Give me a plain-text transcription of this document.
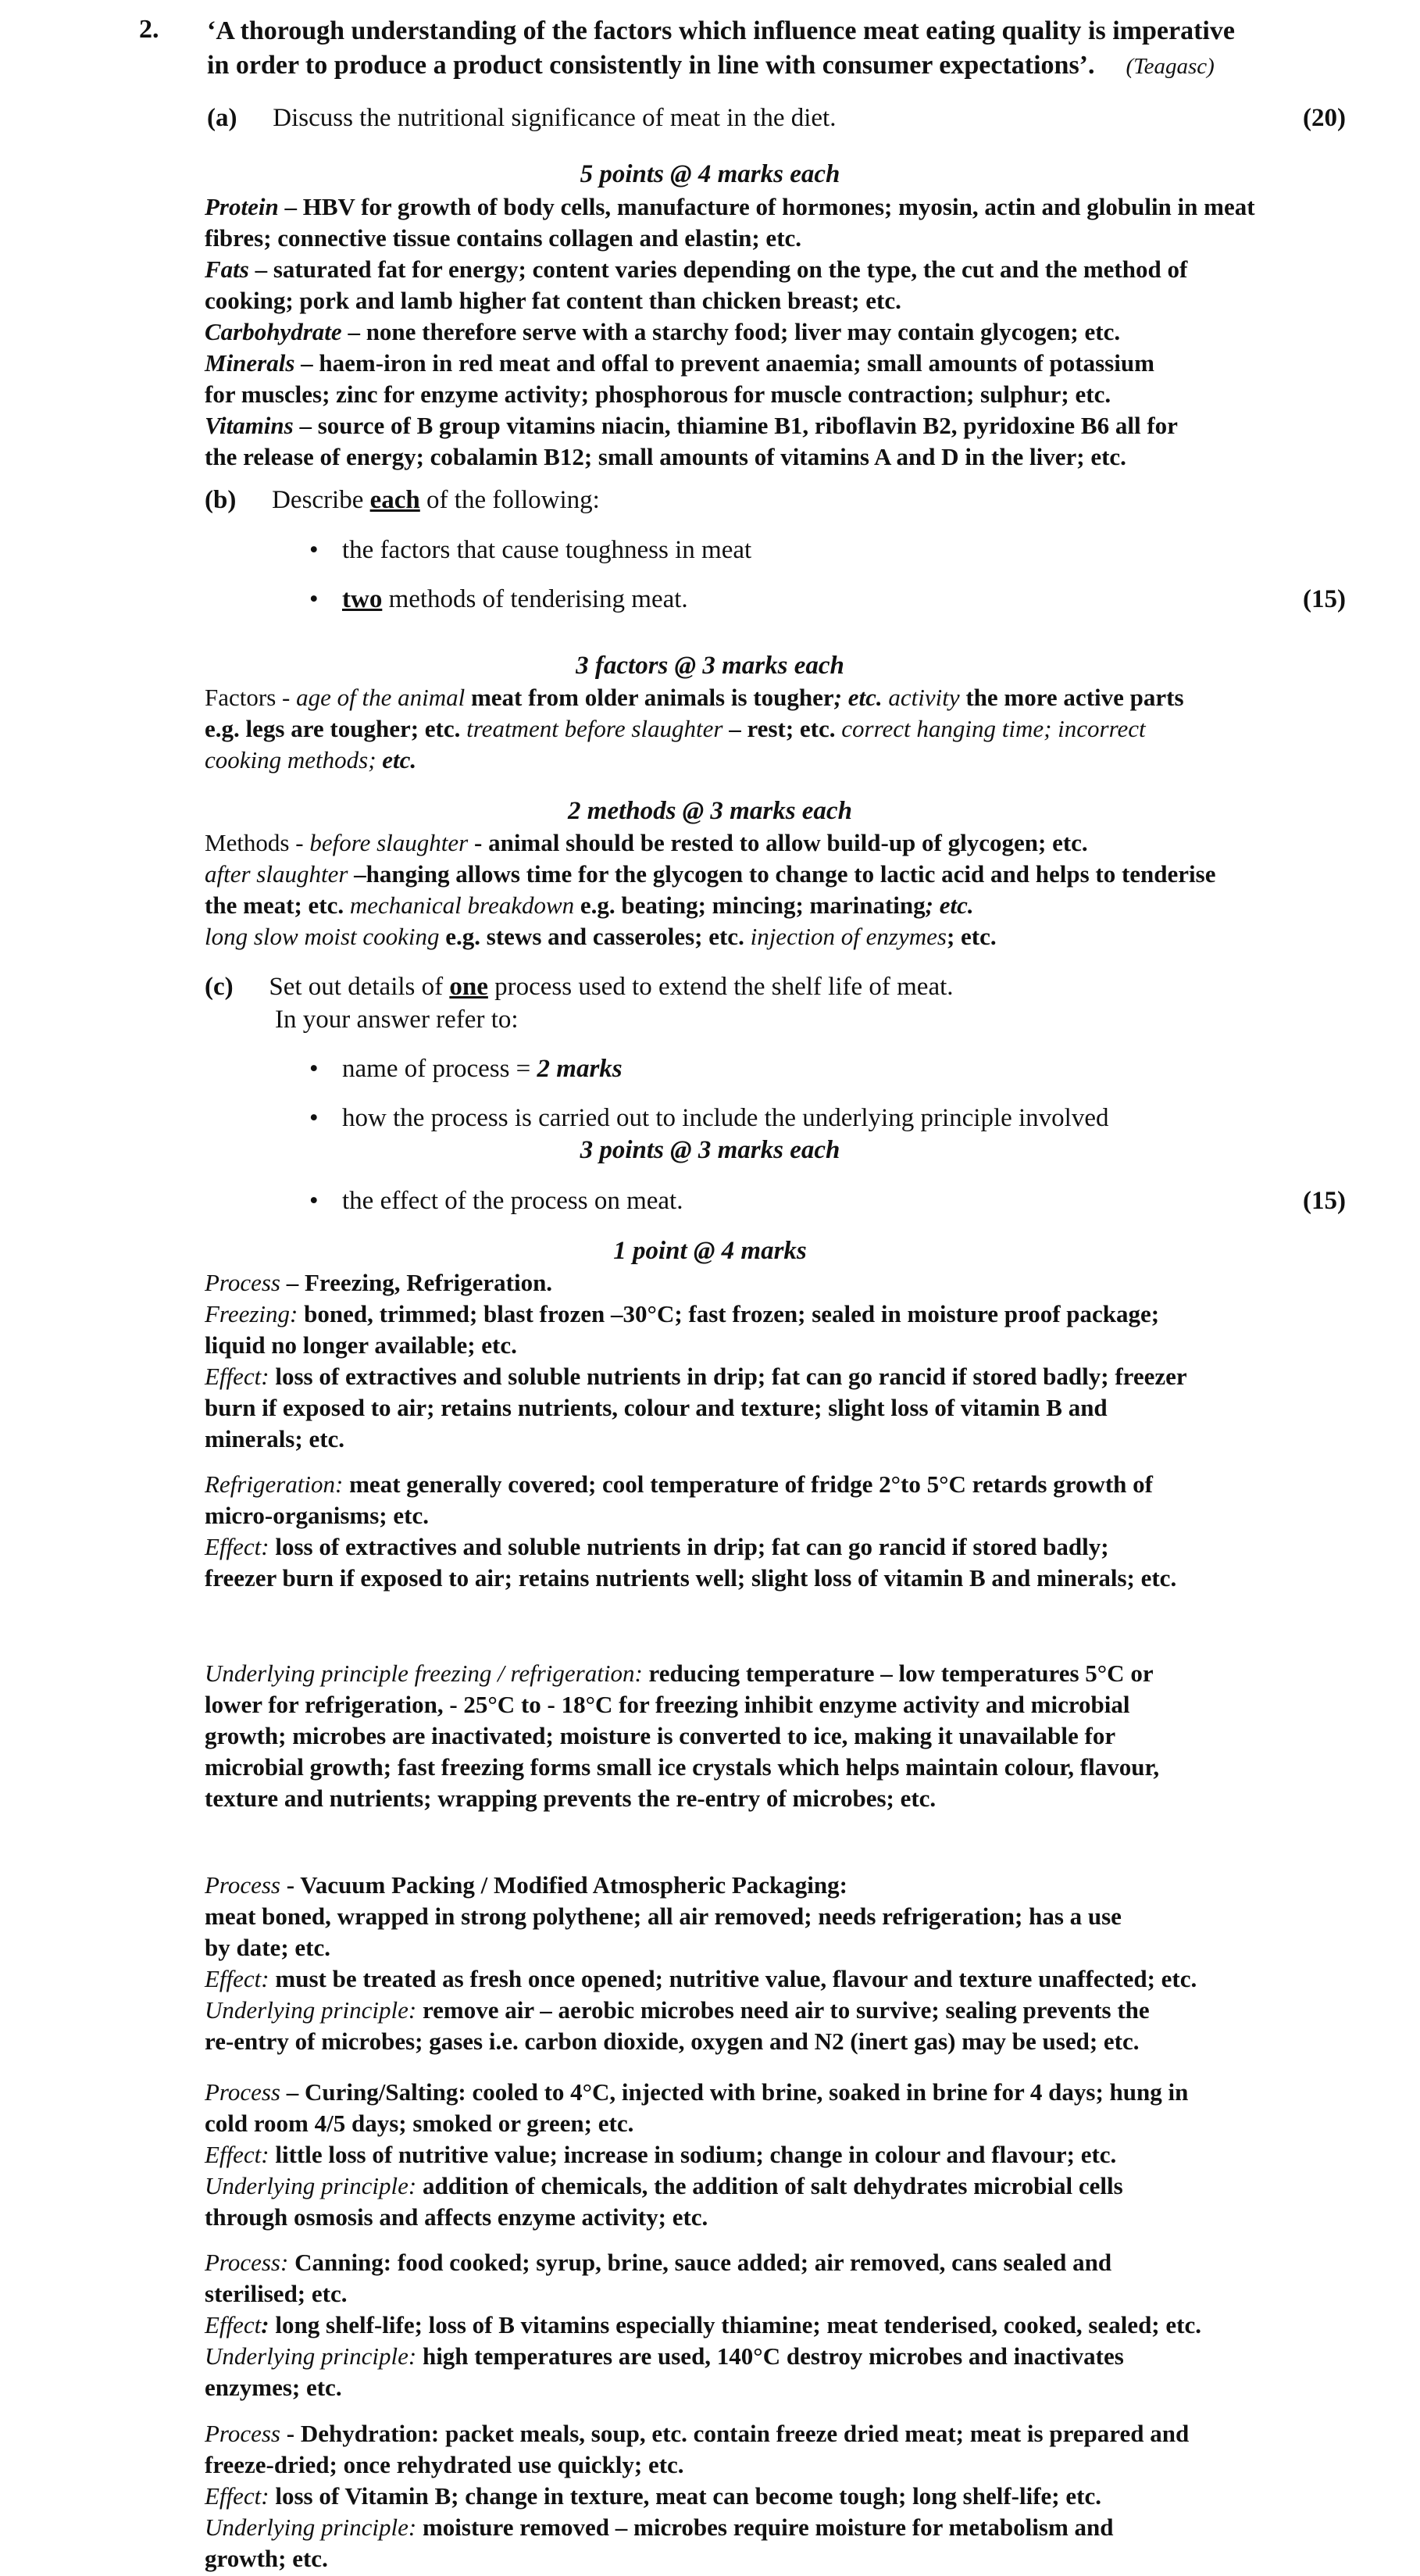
2. ‘A thorough understanding of the factors which influence meat eating quality is imperative
in order to produce a product consistently in line with consumer expectations’. (Teagasc)
(a) Discuss the nutritional significance of meat in the diet.	(20)
5 points @ 4 marks each
Protein – HBV for growth of body cells, manufacture of hormones; myosin, actin and globulin in meat
fibres; connective tissue contains collagen and elastin; etc.
Fats – saturated fat for energy; content varies depending on the type, the cut and the method of
cooking; pork and lamb higher fat content than chicken breast; etc.
Carbohydrate – none therefore serve with a starchy food; liver may contain glycogen; etc.
Minerals – haem-iron in red meat and offal to prevent anaemia; small amounts of potassium
for muscles; zinc for enzyme activity; phosphorous for muscle contraction; sulphur; etc.
Vitamins – source of B group vitamins niacin, thiamine B1, riboflavin B2, pyridoxine B6 all for
the release of energy; cobalamin B12; small amounts of vitamins A and D in the liver; etc.
(b) Describe each of the following:
• the factors that cause toughness in meat
• two methods of tenderising meat.	(15)
3 factors @ 3 marks each
Factors - age of the animal meat from older animals is tougher; etc. activity the more active parts
e.g. legs are tougher; etc. treatment before slaughter – rest; etc. correct hanging time; incorrect
cooking methods; etc.
2 methods @ 3 marks each
Methods - before slaughter - animal should be rested to allow build-up of glycogen; etc.
after slaughter –hanging allows time for the glycogen to change to lactic acid and helps to tenderise
the meat; etc. mechanical breakdown e.g. beating; mincing; marinating; etc.
long slow moist cooking e.g. stews and casseroles; etc. injection of enzymes; etc.
(c) Set out details of one process used to extend the shelf life of meat.
In your answer refer to:
• name of process = 2 marks
• how the process is carried out to include the underlying principle involved
3 points @ 3 marks each
• the effect of the process on meat.	(15)
1 point @ 4 marks
Process – Freezing, Refrigeration.
Freezing: boned, trimmed; blast frozen –30°C; fast frozen; sealed in moisture proof package;
liquid no longer available; etc.
Effect: loss of extractives and soluble nutrients in drip; fat can go rancid if stored badly; freezer
burn if exposed to air; retains nutrients, colour and texture; slight loss of vitamin B and
minerals; etc.
Refrigeration: meat generally covered; cool temperature of fridge 2°to 5°C retards growth of
micro-organisms; etc.
Effect: loss of extractives and soluble nutrients in drip; fat can go rancid if stored badly;
freezer burn if exposed to air; retains nutrients well; slight loss of vitamin B and minerals; etc.
Underlying principle freezing / refrigeration: reducing temperature – low temperatures 5°C or
lower for refrigeration, - 25°C to - 18°C for freezing inhibit enzyme activity and microbial
growth; microbes are inactivated; moisture is converted to ice, making it unavailable for
microbial growth; fast freezing forms small ice crystals which helps maintain colour, flavour,
texture and nutrients; wrapping prevents the re-entry of microbes; etc.
Process - Vacuum Packing / Modified Atmospheric Packaging:
meat boned, wrapped in strong polythene; all air removed; needs refrigeration; has a use
by date; etc.
Effect: must be treated as fresh once opened; nutritive value, flavour and texture unaffected; etc.
Underlying principle: remove air – aerobic microbes need air to survive; sealing prevents the
re-entry of microbes; gases i.e. carbon dioxide, oxygen and N2 (inert gas) may be used; etc.
Process – Curing/Salting: cooled to 4°C, injected with brine, soaked in brine for 4 days; hung in
cold room 4/5 days; smoked or green; etc.
Effect: little loss of nutritive value; increase in sodium; change in colour and flavour; etc.
Underlying principle: addition of chemicals, the addition of salt dehydrates microbial cells
through osmosis and affects enzyme activity; etc.
Process: Canning: food cooked; syrup, brine, sauce added; air removed, cans sealed and
sterilised; etc.
Effect: long shelf-life; loss of B vitamins especially thiamine; meat tenderised, cooked, sealed; etc.
Underlying principle: high temperatures are used, 140°C destroy microbes and inactivates
enzymes; etc.
Process - Dehydration: packet meals, soup, etc. contain freeze dried meat; meat is prepared and
freeze-dried; once rehydrated use quickly; etc.
Effect: loss of Vitamin B; change in texture, meat can become tough; long shelf-life; etc.
Underlying principle: moisture removed – microbes require moisture for metabolism and
growth; etc.
